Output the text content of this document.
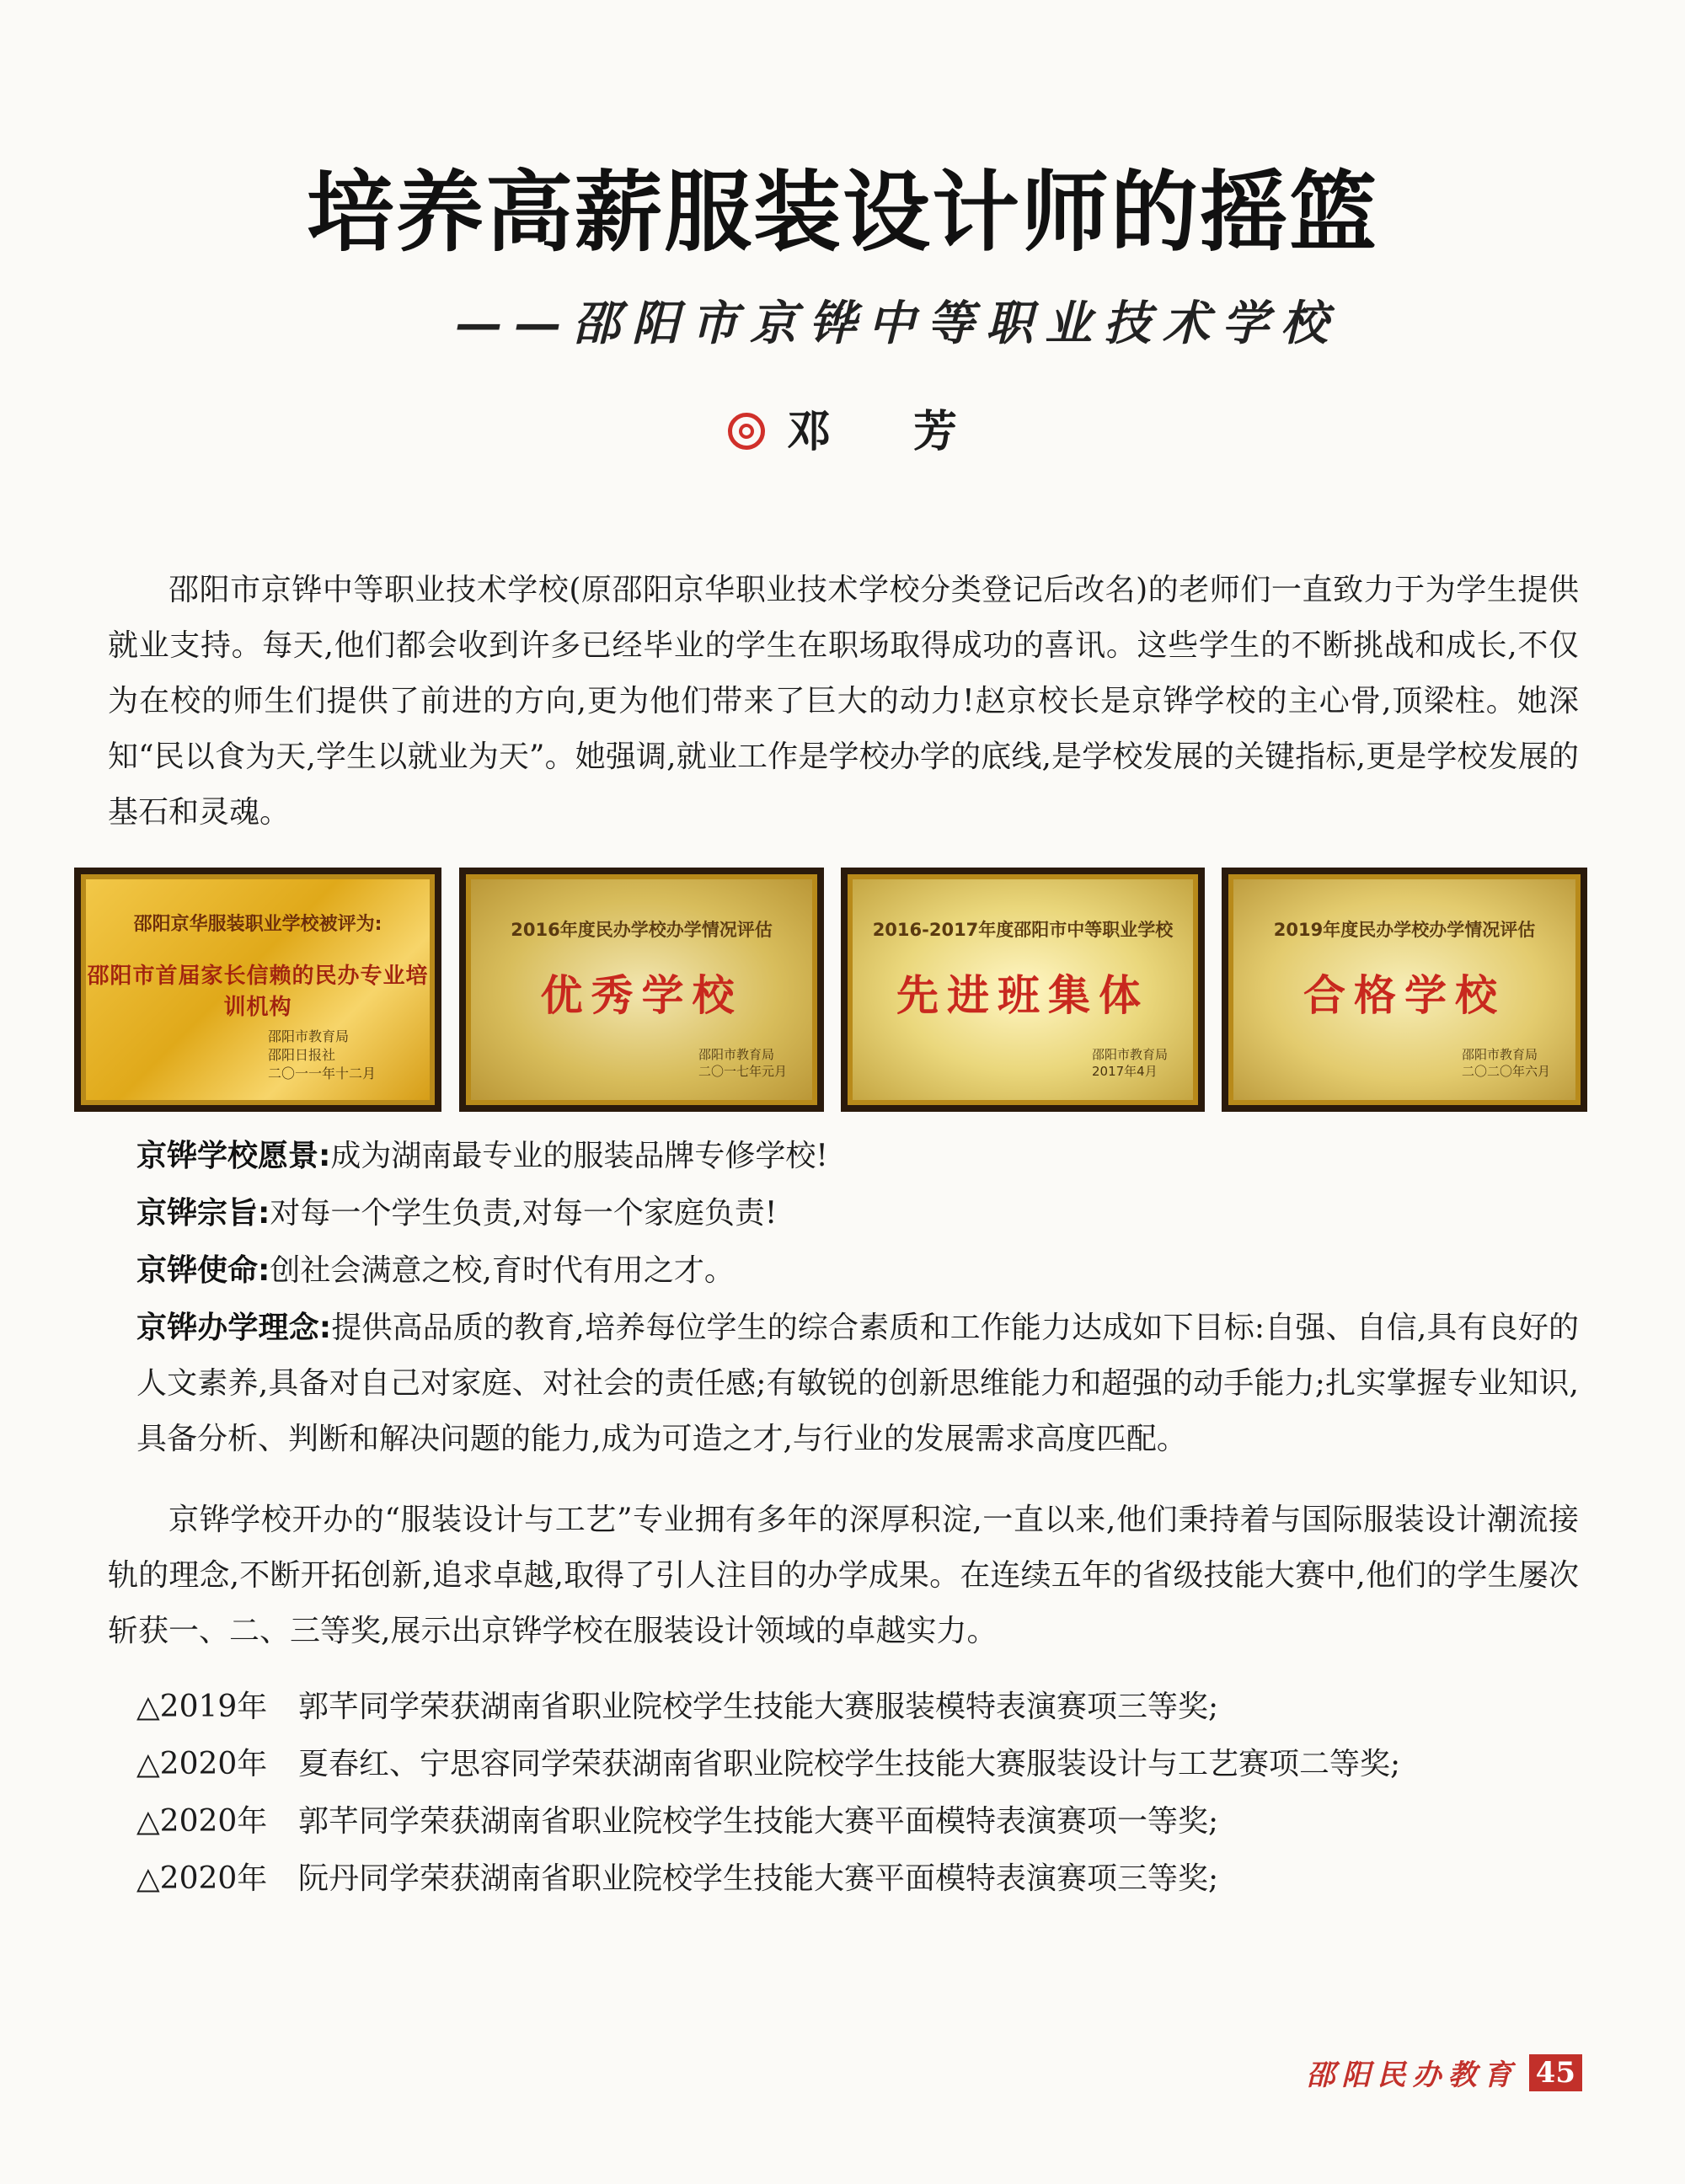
培养高薪服装设计师的摇篮
——邵阳市京铧中等职业技术学校
邓 芳

邵阳市京铧中等职业技术学校(原邵阳京华职业技术学校分类登记后改名)的老师们一直致力于为学生提供就业支持。每天,他们都会收到许多已经毕业的学生在职场取得成功的喜讯。这些学生的不断挑战和成长,不仅为在校的师生们提供了前进的方向,更为他们带来了巨大的动力!赵京校长是京铧学校的主心骨,顶梁柱。她深知“民以食为天,学生以就业为天”。她强调,就业工作是学校办学的底线,是学校发展的关键指标,更是学校发展的基石和灵魂。

邵阳京华服装职业学校被评为:
邵阳市首届家长信赖的民办专业培训机构
邵阳市教育局
邵阳日报社
二〇一一年十二月
2016年度民办学校办学情况评估
优秀学校
邵阳市教育局
二〇一七年元月
2016-2017年度邵阳市中等职业学校
先进班集体
邵阳市教育局
2017年4月
2019年度民办学校办学情况评估
合格学校
邵阳市教育局
二〇二〇年六月

京铧学校愿景:成为湖南最专业的服装品牌专修学校!

京铧宗旨:对每一个学生负责,对每一个家庭负责!

京铧使命:创社会满意之校,育时代有用之才。

京铧办学理念:提供高品质的教育,培养每位学生的综合素质和工作能力达成如下目标:自强、自信,具有良好的人文素养,具备对自己对家庭、对社会的责任感;有敏锐的创新思维能力和超强的动手能力;扎实掌握专业知识,具备分析、判断和解决问题的能力,成为可造之才,与行业的发展需求高度匹配。

京铧学校开办的“服装设计与工艺”专业拥有多年的深厚积淀,一直以来,他们秉持着与国际服装设计潮流接轨的理念,不断开拓创新,追求卓越,取得了引人注目的办学成果。在连续五年的省级技能大赛中,他们的学生屡次斩获一、二、三等奖,展示出京铧学校在服装设计领域的卓越实力。

△2019年 郭芊同学荣获湖南省职业院校学生技能大赛服装模特表演赛项三等奖;
△2020年 夏春红、宁思容同学荣获湖南省职业院校学生技能大赛服装设计与工艺赛项二等奖;
△2020年 郭芊同学荣获湖南省职业院校学生技能大赛平面模特表演赛项一等奖;
△2020年 阮丹同学荣获湖南省职业院校学生技能大赛平面模特表演赛项三等奖;
邵阳民办教育 45
